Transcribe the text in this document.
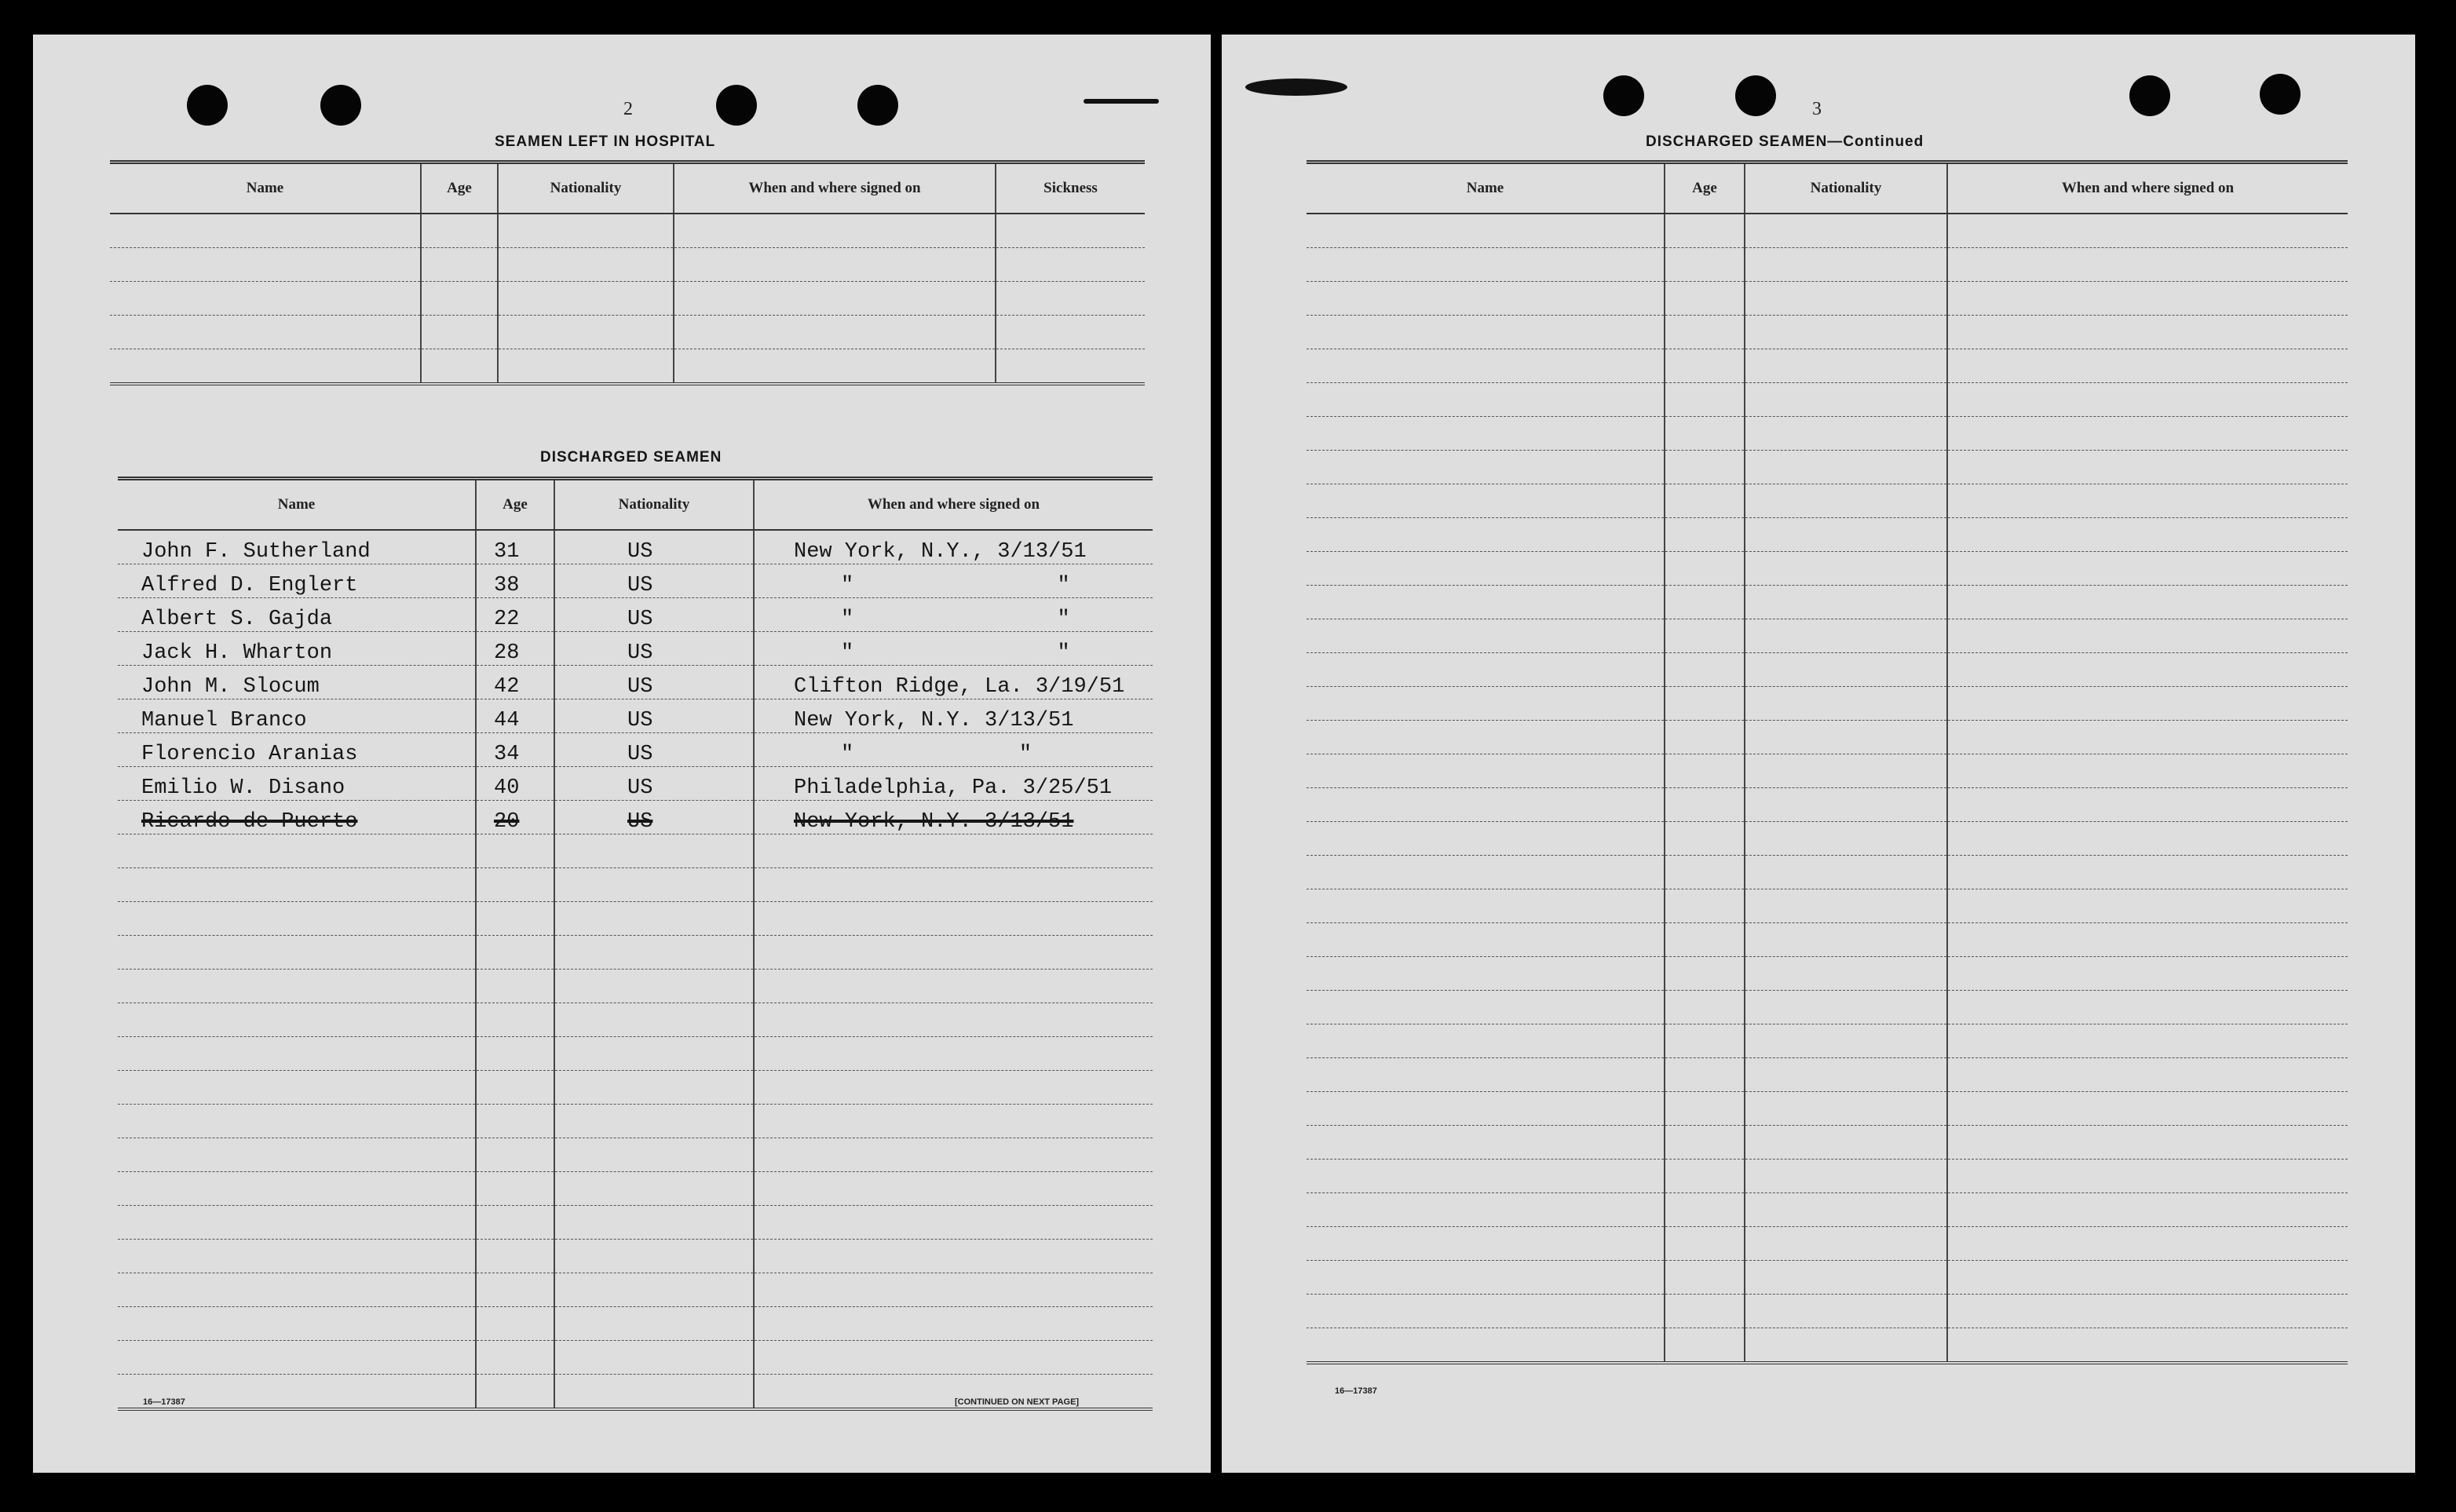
2
SEAMEN LEFT IN HOSPITAL
Name	Age	Nationality	When and where signed on	Sickness

DISCHARGED SEAMEN
Name	Age	Nationality	When and where signed on
John F. Sutherland	31	US	New York, N.Y., 3/13/51
Alfred D. Englert	38	US	"                "
Albert S. Gajda	22	US	"                "
Jack H. Wharton	28	US	"                "
John M. Slocum	42	US	Clifton Ridge, La. 3/19/51
Manuel Branco	44	US	New York, N.Y. 3/13/51
Florencio Aranias	34	US	"             "
Emilio W. Disano	40	US	Philadelphia, Pa. 3/25/51
Ricardo de Puerto	20	US	New York, N.Y. 3/13/51

16—17387	[CONTINUED ON NEXT PAGE]
3
DISCHARGED SEAMEN—Continued
Name	Age	Nationality	When and where signed on

16—17387
